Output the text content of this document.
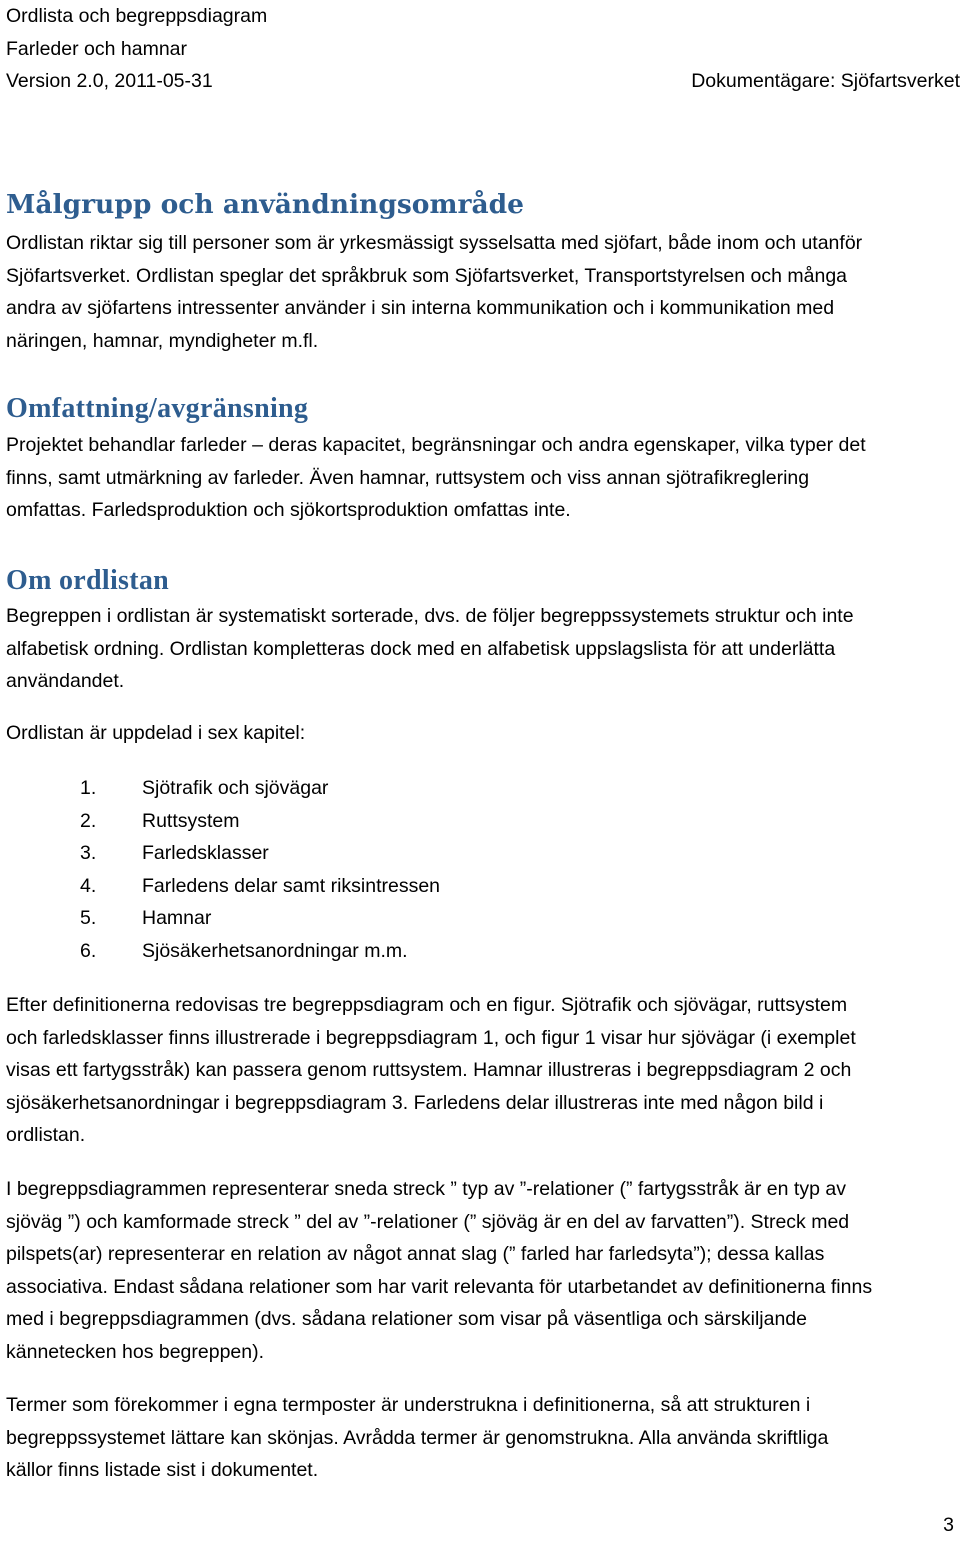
Ordlista och begreppsdiagram
Farleder och hamnar
Version 2.0, 2011-05-31	Dokumentägare: Sjöfartsverket
Målgrupp och användningsområde
Ordlistan riktar sig till personer som är yrkesmässigt sysselsatta med sjöfart, både inom och utanför
Sjöfartsverket. Ordlistan speglar det språkbruk som Sjöfartsverket, Transportstyrelsen och många
andra av sjöfartens intressenter använder i sin interna kommunikation och i kommunikation med
näringen, hamnar, myndigheter m.fl.
Omfattning/avgränsning
Projektet behandlar farleder – deras kapacitet, begränsningar och andra egenskaper, vilka typer det
finns, samt utmärkning av farleder. Även hamnar, ruttsystem och viss annan sjötrafikreglering
omfattas. Farledsproduktion och sjökortsproduktion omfattas inte.
Om ordlistan
Begreppen i ordlistan är systematiskt sorterade, dvs. de följer begreppssystemets struktur och inte
alfabetisk ordning. Ordlistan kompletteras dock med en alfabetisk uppslagslista för att underlätta
användandet.
Ordlistan är uppdelad i sex kapitel:
1. Sjötrafik och sjövägar
2. Ruttsystem
3. Farledsklasser
4. Farledens delar samt riksintressen
5. Hamnar
6. Sjösäkerhetsanordningar m.m.
Efter definitionerna redovisas tre begreppsdiagram och en figur. Sjötrafik och sjövägar, ruttsystem
och farledsklasser finns illustrerade i begreppsdiagram 1, och figur 1 visar hur sjövägar (i exemplet
visas ett fartygsstråk) kan passera genom ruttsystem. Hamnar illustreras i begreppsdiagram 2 och
sjösäkerhetsanordningar i begreppsdiagram 3. Farledens delar illustreras inte med någon bild i
ordlistan.
I begreppsdiagrammen representerar sneda streck ” typ av ”-relationer (” fartygsstråk är en typ av
sjöväg ”) och kamformade streck ” del av ”-relationer (” sjöväg är en del av farvatten”). Streck med
pilspets(ar) representerar en relation av något annat slag (” farled har farledsyta”); dessa kallas
associativa. Endast sådana relationer som har varit relevanta för utarbetandet av definitionerna finns
med i begreppsdiagrammen (dvs. sådana relationer som visar på väsentliga och särskiljande
kännetecken hos begreppen).
Termer som förekommer i egna termposter är understrukna i definitionerna, så att strukturen i
begreppssystemet lättare kan skönjas. Avrådda termer är genomstrukna. Alla använda skriftliga
källor finns listade sist i dokumentet.
3
